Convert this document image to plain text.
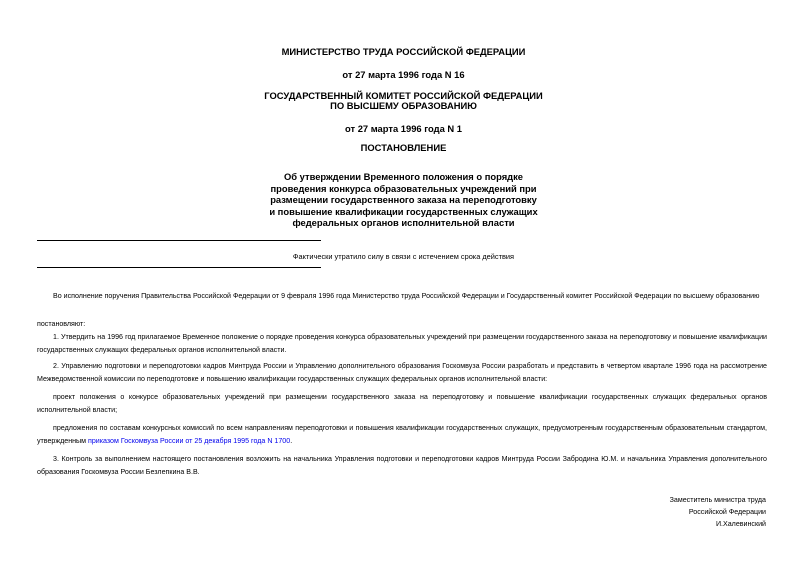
МИНИСТЕРСТВО ТРУДА РОССИЙСКОЙ ФЕДЕРАЦИИ
от 27 марта 1996 года N 16
ГОСУДАРСТВЕННЫЙ КОМИТЕТ РОССИЙСКОЙ ФЕДЕРАЦИИ
ПО ВЫСШЕМУ ОБРАЗОВАНИЮ
от 27 марта 1996 года N 1
ПОСТАНОВЛЕНИЕ
Об утверждении Временного положения о порядке
проведения конкурса образовательных учреждений при
размещении государственного заказа на переподготовку
и повышение квалификации государственных служащих
федеральных органов исполнительной власти
Фактически утратило силу в связи с истечением срока действия
Во исполнение поручения Правительства Российской Федерации от 9 февраля 1996 года Министерство труда Российской Федерации и Государственный комитет Российской Федерации по высшему образованию
постановляют:
1. Утвердить на 1996 год прилагаемое Временное положение о порядке проведения конкурса образовательных учреждений при размещении государственного заказа на переподготовку и повышение квалификации государственных служащих федеральных органов исполнительной власти.
2. Управлению подготовки и переподготовки кадров Минтруда России и Управлению дополнительного образования Госкомвуза России разработать и представить в четвертом квартале 1996 года на рассмотрение Межведомственной комиссии по переподготовке и повышению квалификации государственных служащих федеральных органов исполнительной власти:
проект положения о конкурсе образовательных учреждений при размещении государственного заказа на переподготовку и повышение квалификации государственных служащих федеральных органов исполнительной власти;
предложения по составам конкурсных комиссий по всем направлениям переподготовки и повышения квалификации государственных служащих, предусмотренным государственным образовательным стандартом, утвержденным приказом Госкомвуза России от 25 декабря 1995 года N 1700.
3. Контроль за выполнением настоящего постановления возложить на начальника Управления подготовки и переподготовки кадров Минтруда России Забродина Ю.М. и начальника Управления дополнительного образования Госкомвуза России Безлепкина В.В.
Заместитель министра труда
Российской Федерации
И.Халевинский
